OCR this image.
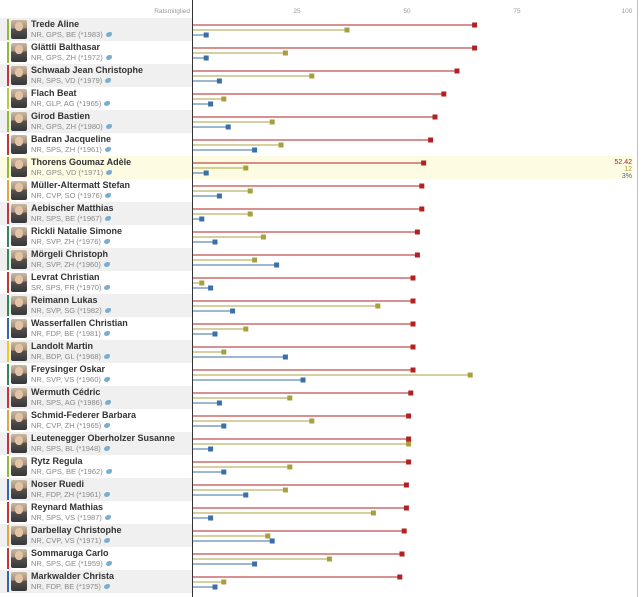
Ratsmitglied	25	50	75	100
Trede Aline
NR, GPS, BE (*1983)
Glättli Balthasar
NR, GPS, ZH (*1972)
Schwaab Jean Christophe
NR, SPS, VD (*1979)
Flach Beat
NR, GLP, AG (*1965)
Girod Bastien
NR, GPS, ZH (*1980)
Badran Jacqueline
NR, SPS, ZH (*1961)
Thorens Goumaz Adèle
NR, GPS, VD (*1971)
Müller-Altermatt Stefan
NR, CVP, SO (*1976)
Aebischer Matthias
NR, SPS, BE (*1967)
Rickli Natalie Simone
NR, SVP, ZH (*1976)
Mörgeli Christoph
NR, SVP, ZH (*1960)
Levrat Christian
SR, SPS, FR (*1970)
Reimann Lukas
NR, SVP, SG (*1982)
Wasserfallen Christian
NR, FDP, BE (*1981)
Landolt Martin
NR, BDP, GL (*1968)
Freysinger Oskar
NR, SVP, VS (*1960)
Wermuth Cédric
NR, SPS, AG (*1986)
Schmid-Federer Barbara
NR, CVP, ZH (*1965)
Leutenegger Oberholzer Susanne
NR, SPS, BL (*1948)
Rytz Regula
NR, GPS, BE (*1962)
Noser Ruedi
NR, FDP, ZH (*1961)
Reynard Mathias
NR, SPS, VS (*1987)
Darbellay Christophe
NR, CVP, VS (*1971)
Sommaruga Carlo
NR, SPS, GE (*1959)
Markwalder Christa
NR, FDP, BE (*1975)
52.42
12
3%
